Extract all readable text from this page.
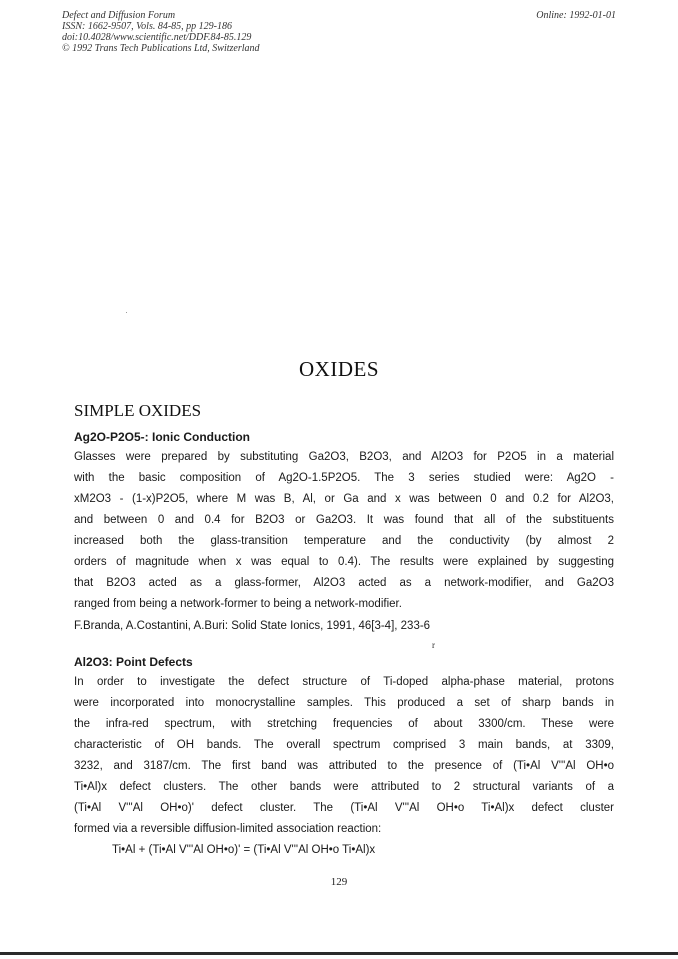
Defect and Diffusion Forum
ISSN: 1662-9507, Vols. 84-85, pp 129-186
doi:10.4028/www.scientific.net/DDF.84-85.129
© 1992 Trans Tech Publications Ltd, Switzerland
Online: 1992-01-01
OXIDES
SIMPLE OXIDES
Ag2O-P2O5-: Ionic Conduction
Glasses were prepared by substituting Ga2O3, B2O3, and Al2O3 for P2O5 in a material
with the basic composition of Ag2O-1.5P2O5. The 3 series studied were: Ag2O -
xM2O3 - (1-x)P2O5, where M was B, Al, or Ga and x was between 0 and 0.2 for Al2O3,
and between 0 and 0.4 for B2O3 or Ga2O3. It was found that all of the substituents
increased both the glass-transition temperature and the conductivity (by almost 2
orders of magnitude when x was equal to 0.4). The results were explained by suggesting
that B2O3 acted as a glass-former, Al2O3 acted as a network-modifier, and Ga2O3
ranged from being a network-former to being a network-modifier.
F.Branda, A.Costantini, A.Buri: Solid State Ionics, 1991, 46[3-4], 233-6
r
Al2O3: Point Defects
In order to investigate the defect structure of Ti-doped alpha-phase material, protons
were incorporated into monocrystalline samples. This produced a set of sharp bands in
the infra-red spectrum, with stretching frequencies of about 3300/cm. These were
characteristic of OH bands. The overall spectrum comprised 3 main bands, at 3309,
3232, and 3187/cm. The first band was attributed to the presence of (Ti•Al V'''Al OH•o
Ti•Al)x defect clusters. The other bands were attributed to 2 structural variants of a
(Ti•Al V'''Al OH•o)' defect cluster. The (Ti•Al V'''Al OH•o Ti•Al)x defect cluster
formed via a reversible diffusion-limited association reaction:
Ti•Al + (Ti•Al V'''Al OH•o)' = (Ti•Al V'''Al OH•o Ti•Al)x
129
